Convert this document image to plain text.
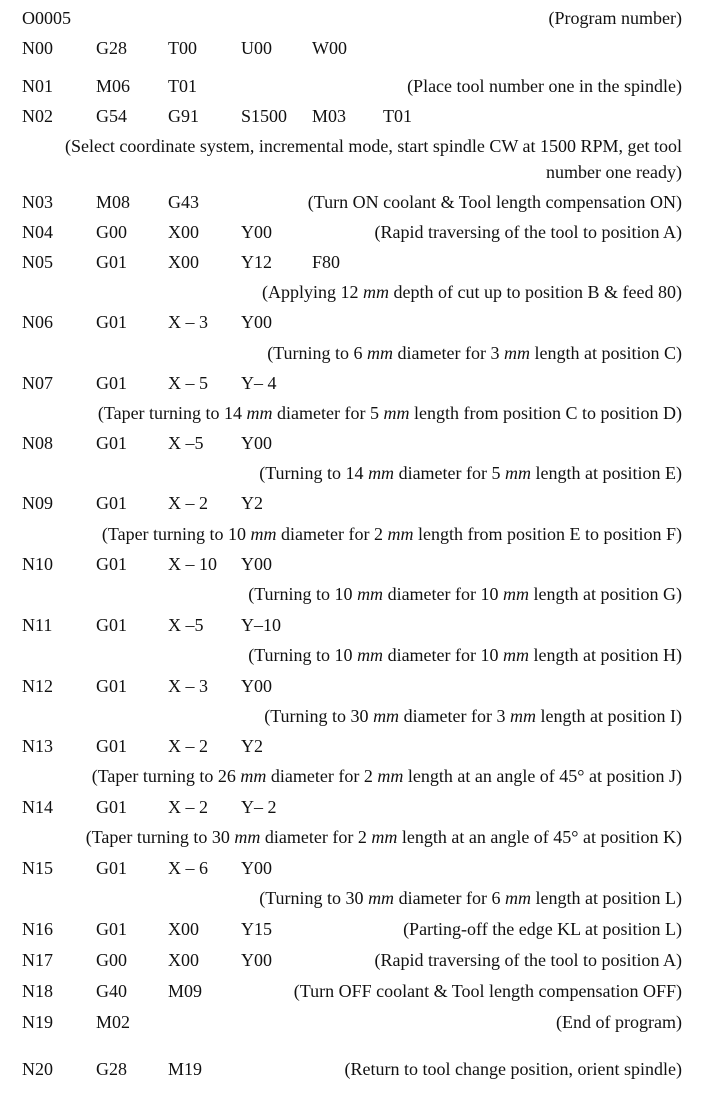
O0005	(Program number)
N00 G28 T00 U00 W00
N01 M06 T01	(Place tool number one in the spindle)
N02 G54 G91 S1500 M03 T01
(Select coordinate system, incremental mode, start spindle CW at 1500 RPM, get tool
number one ready)
N03 M08 G43	(Turn ON coolant & Tool length compensation ON)
N04 G00 X00 Y00	(Rapid traversing of the tool to position A)
N05 G01 X00 Y12 F80
(Applying 12 mm depth of cut up to position B & feed 80)
N06 G01 X – 3 Y00
(Turning to 6 mm diameter for 3 mm length at position C)
N07 G01 X – 5 Y– 4
(Taper turning to 14 mm diameter for 5 mm length from position C to position D)
N08 G01 X –5 Y00
(Turning to 14 mm diameter for 5 mm length at position E)
N09 G01 X – 2 Y2
(Taper turning to 10 mm diameter for 2 mm length from position E to position F)
N10 G01 X – 10 Y00
(Turning to 10 mm diameter for 10 mm length at position G)
N11 G01 X –5 Y–10
(Turning to 10 mm diameter for 10 mm length at position H)
N12 G01 X – 3 Y00
(Turning to 30 mm diameter for 3 mm length at position I)
N13 G01 X – 2 Y2
(Taper turning to 26 mm diameter for 2 mm length at an angle of 45° at position J)
N14 G01 X – 2 Y– 2
(Taper turning to 30 mm diameter for 2 mm length at an angle of 45° at position K)
N15 G01 X – 6 Y00
(Turning to 30 mm diameter for 6 mm length at position L)
N16 G01 X00 Y15	(Parting-off the edge KL at position L)
N17 G00 X00 Y00	(Rapid traversing of the tool to position A)
N18 G40 M09	(Turn OFF coolant & Tool length compensation OFF)
N19 M02	(End of program)
N20 G28 M19	(Return to tool change position, orient spindle)
